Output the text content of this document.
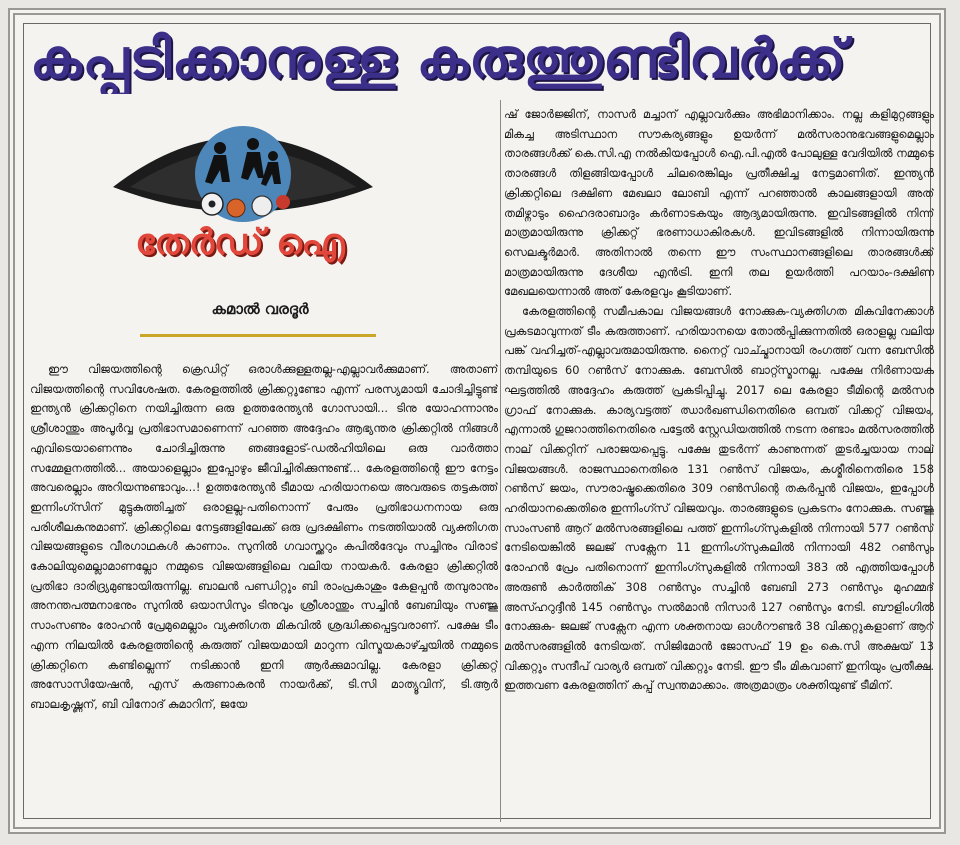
കപ്പടിക്കാനുള്ള കരുത്തുണ്ടിവർക്ക്
തേർഡ് ഐ
കമാൽ വരദൂർ

ഈ വിജയത്തിന്റെ ക്രെഡിറ്റ് ഒരാൾക്കുള്ളതല്ല-എല്ലാവർക്കുമാണ്. അതാണ് വിജയത്തിന്റെ സവിശേഷത. കേരളത്തിൽ ക്രിക്കറ്റുണ്ടോ എന്ന് പരസ്യമായി ചോദിച്ചിട്ടുണ്ട് ഇന്ത്യൻ ക്രിക്കറ്റിനെ നയിച്ചിരുന്ന ഒരു ഉത്തരേന്ത്യൻ ഗോസായി... ടിനു യോഹന്നാനും ശ്രീശാന്തും അപൂർവ്വ പ്രതിഭാസമാണെന്ന് പറഞ്ഞ അദ്ദേഹം ആഭ്യന്തര ക്രിക്കറ്റിൽ നിങ്ങൾ എവിടെയാണെന്നും ചോദിച്ചിരുന്നു ഞങ്ങളോട്-ഡൽഹിയിലെ ഒരു വാർത്താ സമ്മേളനത്തിൽ... അയാളെല്ലാം ഇപ്പോഴും ജീവിച്ചിരിക്കുന്നുണ്ട്... കേരളത്തിന്റെ ഈ നേട്ടം അവരെല്ലാം അറിയന്നുണ്ടാവും...! ഉത്തരേന്ത്യൻ ടീമായ ഹരിയാനയെ അവരുടെ തട്ടകത്ത് ഇന്നിംഗ്സിന് മുട്ടുകുത്തിച്ചത് ഒരാളല്ല-പതിനൊന്ന് പേരും പ്രതിഭാധനനായ ഒരു പരിശീലകനുമാണ്. ക്രിക്കറ്റിലെ നേട്ടങ്ങളിലേക്ക് ഒരു പ്രദക്ഷിണം നടത്തിയാൽ വ്യക്തിഗത വിജയങ്ങളുടെ വീരഗാഥകൾ കാണാം. സുനിൽ ഗവാസ്ക്കറും കപിൽദേവും സച്ചിനും വിരാട് കോലിയുമെല്ലാമാണല്ലോ നമ്മുടെ വിജയങ്ങളിലെ വലിയ നായകർ. കേരളാ ക്രിക്കറ്റിൽ പ്രതിഭാ ദാരിദ്ര്യമുണ്ടായിരുന്നില്ല. ബാലൻ പണ്ഡിറ്റും ബി രാംപ്രകാശും കേളപ്പൻ തമ്പുരാനും അനന്തപത്മനാഭനും സുനിൽ ഒയാസിസും ടിനുവും ശ്രീശാന്തും സച്ചിൻ ബേബിയും സഞ്ജു സാംസണും രോഹൻ പ്രേമുമെല്ലാം വ്യക്തിഗത മികവിൽ ശ്രദ്ധിക്കപ്പെട്ടവരാണ്. പക്ഷേ ടീം എന്ന നിലയിൽ കേരളത്തിന്റെ കരുത്ത് വിജയമായി മാറുന്ന വിസ്മയകാഴ്ച്ചയിൽ നമ്മുടെ ക്രിക്കറ്റിനെ കണ്ടില്ലെന്ന് നടിക്കാൻ ഇനി ആർക്കുമാവില്ല. കേരളാ ക്രിക്കറ്റ് അസോസിയേഷൻ, എസ് കരുണാകരൻ നായർക്ക്, ടി.സി മാത്യൂവിന്, ടി.ആർ ബാലകൃഷ്ണന്, ബി വിനോദ് കുമാറിന്, ജയേ

ഷ് ജോർജ്ജിന്, നാസർ മച്ചാന് എല്ലാവർക്കും അഭിമാനിക്കാം. നല്ല കളിമുറ്റങ്ങളും മികച്ച അടിസ്ഥാന സൗകര്യങ്ങളും ഉയർന്ന് മൽസരാനുഭവങ്ങളുമെല്ലാം താരങ്ങൾക്ക് കെ.സി.എ നൽകിയപ്പോൾ ഐ.പി.എൽ പോലുള്ള വേദിയിൽ നമ്മുടെ താരങ്ങൾ തിളങ്ങിയപ്പോൾ ചിലരെങ്കിലും പ്രതീക്ഷിച്ച നേട്ടമാണിത്. ഇന്ത്യൻ ക്രിക്കറ്റിലെ ദക്ഷിണ മേഖലാ ലോബി എന്ന് പറഞ്ഞാൽ കാലങ്ങളായി അത് തമിഴ്നാടും ഹൈദരാബാദും കർണാടകയും ആദ്യമായിരുന്നു. ഇവിടങ്ങളിൽ നിന്ന് മാത്രമായിരുന്നു ക്രിക്കറ്റ് ഭരണാധാകിരകൾ. ഇവിടങ്ങളിൽ നിന്നായിരുന്നു സെലക്ടർമാർ. അതിനാൽ തന്നെ ഈ സംസ്ഥാനങ്ങളിലെ താരങ്ങൾക്ക് മാത്രമായിരുന്നു ദേശീയ എൻട്രി. ഇനി തല ഉയർത്തി പറയാം-ദക്ഷിണ മേഖലയെന്നാൽ അത് കേരളവും കൂടിയാണ്.

കേരളത്തിന്റെ സമീപകാല വിജയങ്ങൾ നോക്കുക-വ്യക്തിഗത മികവിനേക്കാൾ പ്രകടമാവുന്നത് ടീം കരുത്താണ്. ഹരിയാനയെ തോൽപ്പിക്കുന്നതിൽ ഒരാളല്ല വലിയ പങ്ക് വഹിച്ചത്-എല്ലാവരുമായിരുന്നു. നൈറ്റ് വാച്ച്മാനായി രംഗത്ത് വന്ന ബേസിൽ തമ്പിയുടെ 60 റൺസ് നോക്കുക. ബേസിൽ ബാറ്റ്സ്മാനല്ല. പക്ഷേ നിർണായക ഘട്ടത്തിൽ അദ്ദേഹം കരുത്ത് പ്രകടിപ്പിച്ചു. 2017 ലെ കേരളാ ടീമിന്റെ മൽസര ഗ്രാഫ് നോക്കുക. കാര്യവട്ടത്ത് ഝാർഖണ്ഡിനെതിരെ ഒമ്പത് വിക്കറ്റ് വിജയം, എന്നാൽ ഗുജറാത്തിനെതിരെ പട്ടേൽ സ്റ്റേഡിയത്തിൽ നടന്ന രണ്ടാം മൽസരത്തിൽ നാല് വിക്കറ്റിന് പരാജയപ്പെട്ടു. പക്ഷേ തുടർന്ന് കാണുന്നത് തുടർച്ചയായ നാല് വിജയങ്ങൾ. രാജസ്ഥാനെതിരെ 131 റൺസ് വിജയം, കശ്മീരിനെതിരെ 158 റൺസ് ജയം, സൗരാഷ്ട്രക്കെതിരെ 309 റൺസിന്റെ തകർപ്പൻ വിജയം, ഇപ്പോൾ ഹരിയാനക്കെതിരെ ഇന്നിംഗ്സ് വിജയവും. താരങ്ങളുടെ പ്രകടനം നോക്കുക. സഞ്ജു സാംസൺ ആറ് മൽസരങ്ങളിലെ പത്ത് ഇന്നിംഗ്സുകളിൽ നിന്നായി 577 റൺസ് നേടിയെങ്കിൽ ജലജ് സക്സേന 11 ഇന്നിംഗ്സുകലിൽ നിന്നായി 482 റൺസും രോഹൻ പ്രേം പതിനൊന്ന് ഇന്നിംഗ്സുകളിൽ നിന്നായി 383 ൽ എത്തിയപ്പോൾ അരുൺ കാർത്തിക് 308 റൺസും സച്ചിൻ ബേബി 273 റൺസും മുഹമ്മദ് അസ്ഹറുദ്ദീൻ 145 റൺസും സൽമാൻ നിസാർ 127 റൺസും നേടി. ബൗളിംഗിൽ നോക്കുക- ജലജ് സക്സേന എന്ന ശക്തനായ ഓൾറൗണ്ടർ 38 വിക്കറ്റുകളാണ് ആറ് മൽസരങ്ങളിൽ നേടിയത്. സിജിമോൻ ജോസഫ് 19 ഉം കെ.സി അക്ഷയ് 13 വിക്കറ്റും സന്ദീപ് വാര്യർ ഒമ്പത് വിക്കറ്റും നേടി. ഈ ടീം മികവാണ് ഇനിയും പ്രതീക്ഷ. ഇത്തവണ കേരളത്തിന് കപ്പ് സ്വന്തമാക്കാം. അത്രമാത്രം ശക്തിയുണ്ട് ടീമിന്.
